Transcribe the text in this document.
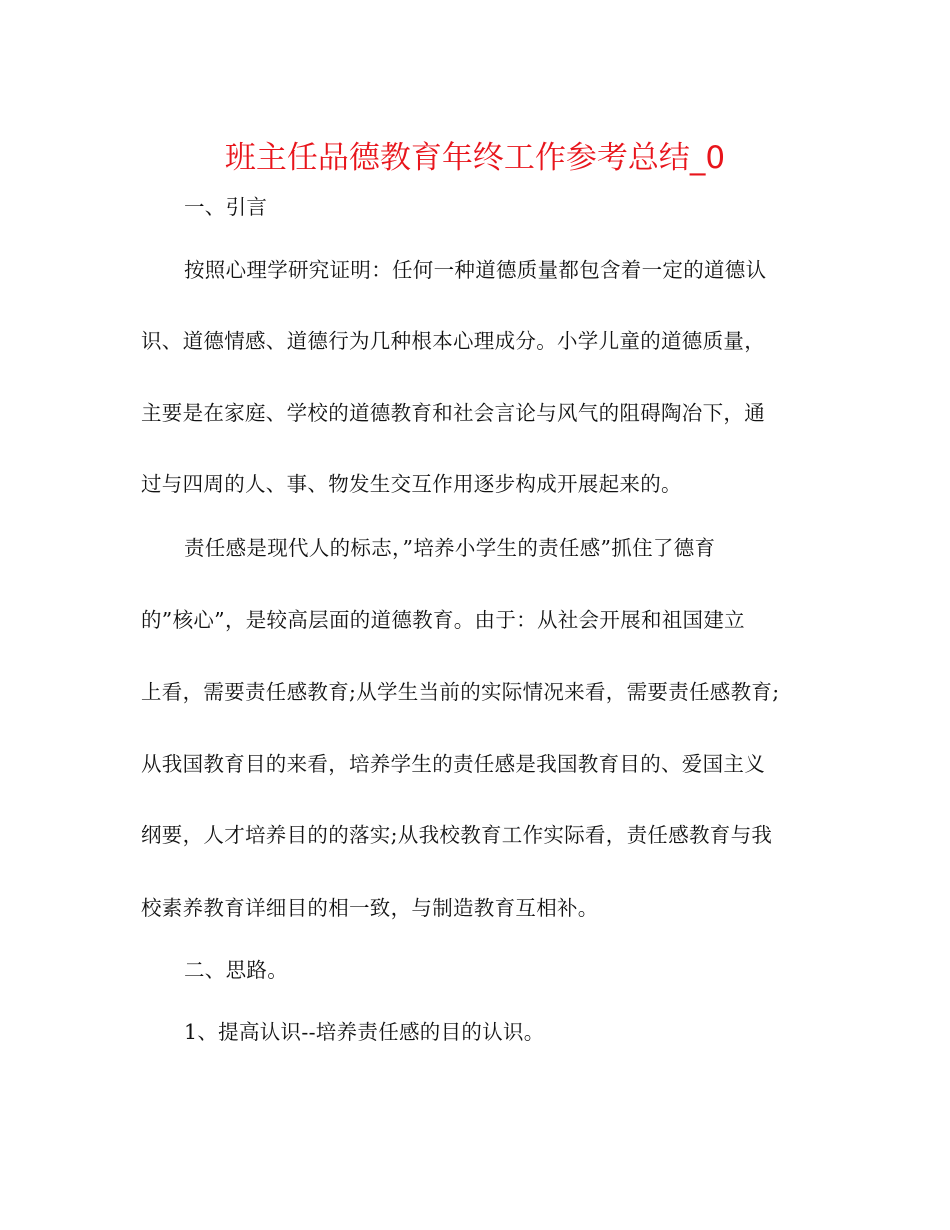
班主任品德教育年终工作参考总结_0
一、引言
按照心理学研究证明：任何一种道德质量都包含着一定的道德认
识、道德情感、道德行为几种根本心理成分。小学儿童的道德质量，
主要是在家庭、学校的道德教育和社会言论与风气的阻碍陶冶下，通
过与四周的人、事、物发生交互作用逐步构成开展起来的。
责任感是现代人的标志，”培养小学生的责任感”抓住了德育
的”核心”，是较高层面的道德教育。由于：从社会开展和祖国建立
上看，需要责任感教育;从学生当前的实际情况来看，需要责任感教育;
从我国教育目的来看，培养学生的责任感是我国教育目的、爱国主义
纲要，人才培养目的的落实;从我校教育工作实际看，责任感教育与我
校素养教育详细目的相一致，与制造教育互相补。
二、思路。
1、提高认识--培养责任感的目的认识。
